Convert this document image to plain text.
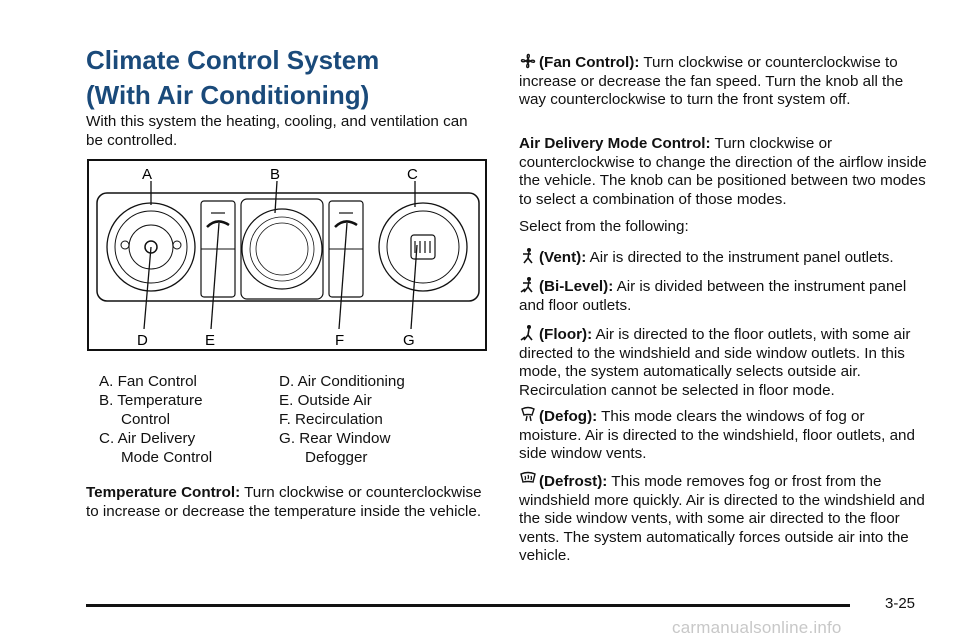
Climate Control System
(With Air Conditioning)

With this system the heating, cooling, and ventilation can be controlled.

A	B	C
D	E	F	G
A. Fan Control
B. Temperature
Control
C. Air Delivery
Mode Control
D. Air Conditioning
E. Outside Air
F. Recirculation
G. Rear Window
Defogger

Temperature Control: Turn clockwise or counterclockwise to increase or decrease the temperature inside the vehicle.

(Fan Control): Turn clockwise or counterclockwise to increase or decrease the fan speed. Turn the knob all the way counterclockwise to turn the front system off.

Air Delivery Mode Control: Turn clockwise or counterclockwise to change the direction of the airflow inside the vehicle. The knob can be positioned between two modes to select a combination of those modes.

Select from the following:

(Vent): Air is directed to the instrument panel outlets.

(Bi-Level): Air is divided between the instrument panel and floor outlets.

(Floor): Air is directed to the floor outlets, with some air directed to the windshield and side window outlets. In this mode, the system automatically selects outside air. Recirculation cannot be selected in floor mode.

(Defog): This mode clears the windows of fog or moisture. Air is directed to the windshield, floor outlets, and side window vents.

(Defrost): This mode removes fog or frost from the windshield more quickly. Air is directed to the windshield and the side window vents, with some air directed to the floor vents. The system automatically forces outside air into the vehicle.

3-25
carmanualsonline.info
